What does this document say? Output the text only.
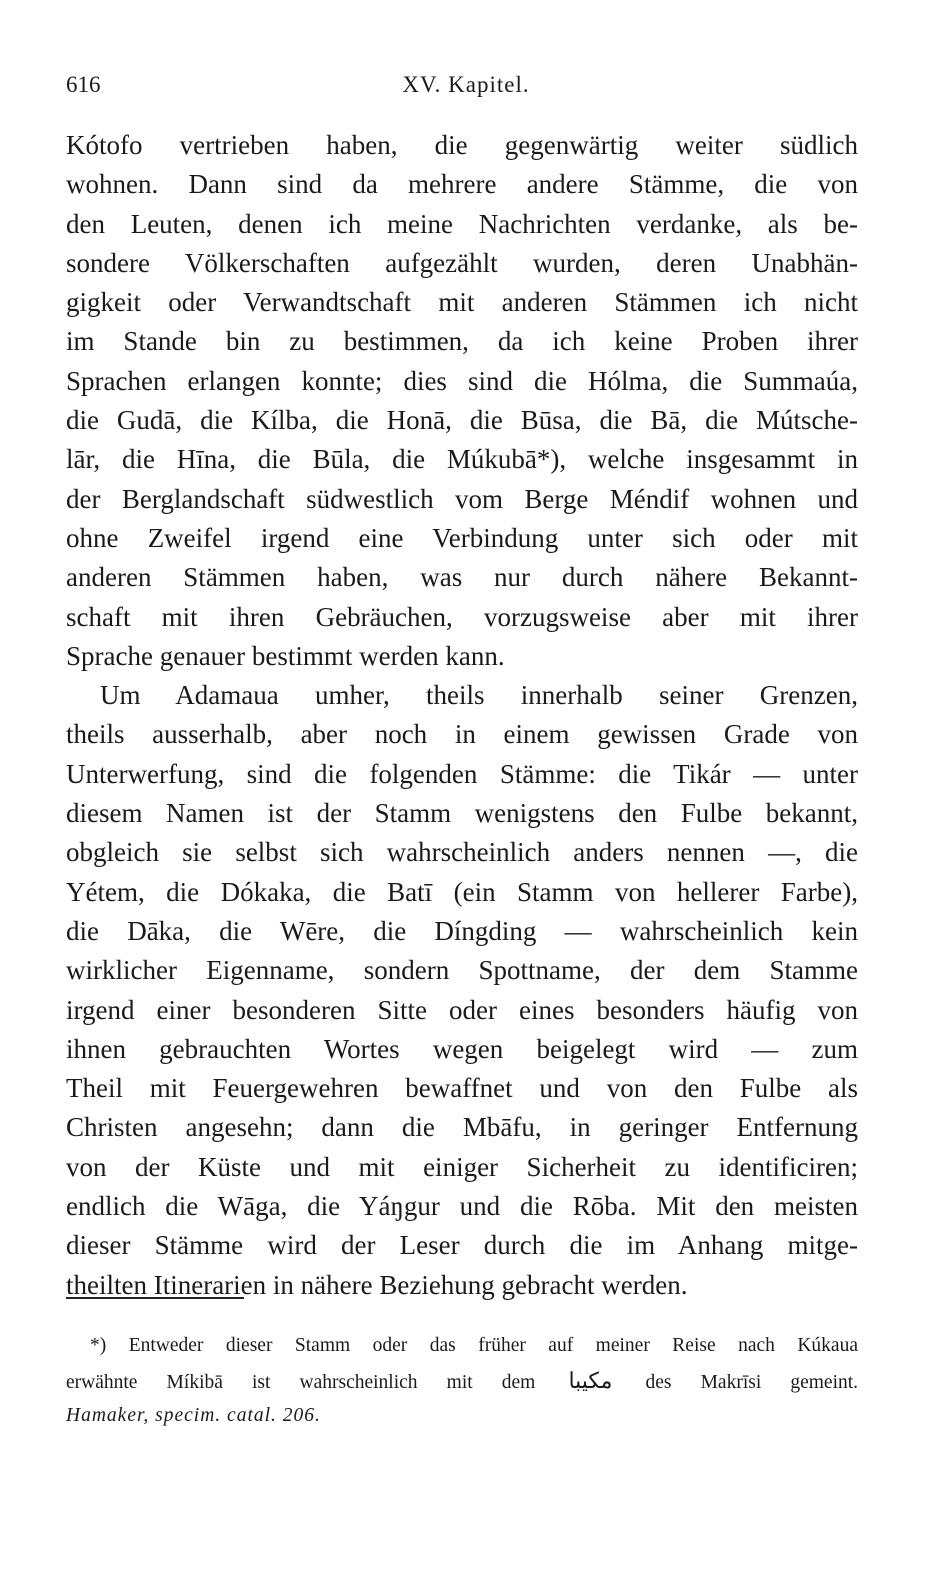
616	XV. Kapitel.
Kótofo vertrieben haben, die gegenwärtig weiter südlich
wohnen. Dann sind da mehrere andere Stämme, die von
den Leuten, denen ich meine Nachrichten verdanke, als be-
sondere Völkerschaften aufgezählt wurden, deren Unabhän-
gigkeit oder Verwandtschaft mit anderen Stämmen ich nicht
im Stande bin zu bestimmen, da ich keine Proben ihrer
Sprachen erlangen konnte; dies sind die Hólma, die Summaúa,
die Gudā, die Kílba, die Honā, die Būsa, die Bā, die Mútsche-
lār, die Hīna, die Būla, die Múkubā*), welche insgesammt in
der Berglandschaft südwestlich vom Berge Méndif wohnen und
ohne Zweifel irgend eine Verbindung unter sich oder mit
anderen Stämmen haben, was nur durch nähere Bekannt-
schaft mit ihren Gebräuchen, vorzugsweise aber mit ihrer
Sprache genauer bestimmt werden kann.
Um Adamaua umher, theils innerhalb seiner Grenzen,
theils ausserhalb, aber noch in einem gewissen Grade von
Unterwerfung, sind die folgenden Stämme: die Tikár — unter
diesem Namen ist der Stamm wenigstens den Fulbe bekannt,
obgleich sie selbst sich wahrscheinlich anders nennen —, die
Yétem, die Dókaka, die Batī (ein Stamm von hellerer Farbe),
die Dāka, die Wēre, die Díngding — wahrscheinlich kein
wirklicher Eigenname, sondern Spottname, der dem Stamme
irgend einer besonderen Sitte oder eines besonders häufig von
ihnen gebrauchten Wortes wegen beigelegt wird — zum
Theil mit Feuergewehren bewaffnet und von den Fulbe als
Christen angesehn; dann die Mbāfu, in geringer Entfernung
von der Küste und mit einiger Sicherheit zu identificiren;
endlich die Wāga, die Yáŋgur und die Rōba. Mit den meisten
dieser Stämme wird der Leser durch die im Anhang mitge-
theilten Itinerarien in nähere Beziehung gebracht werden.
*) Entweder dieser Stamm oder das früher auf meiner Reise nach Kúkaua
erwähnte Míkibā ist wahrscheinlich mit dem مكيبا des Makrīsi gemeint.
Hamaker, specim. catal. 206.
